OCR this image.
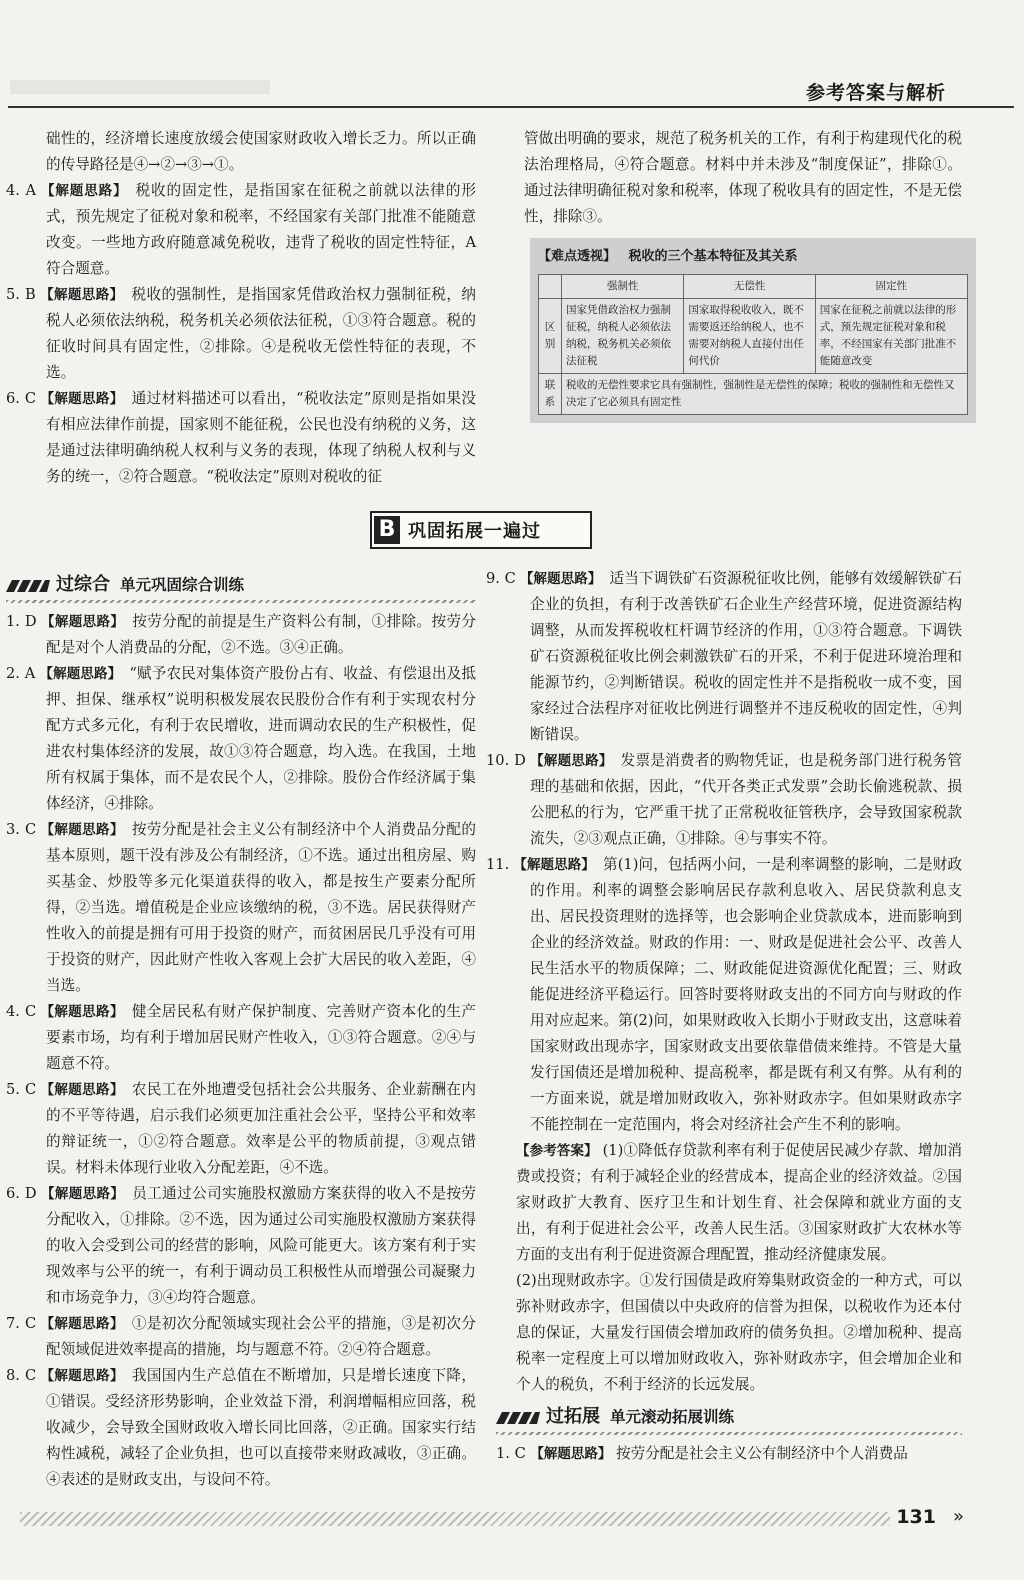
参考答案与解析

础性的，经济增长速度放缓会使国家财政收入增长乏力。所以正确的传导路径是④→②→③→①。

4. A 【解题思路】 税收的固定性，是指国家在征税之前就以法律的形式，预先规定了征税对象和税率，不经国家有关部门批准不能随意改变。一些地方政府随意减免税收，违背了税收的固定性特征，A 符合题意。

5. B 【解题思路】 税收的强制性，是指国家凭借政治权力强制征税，纳税人必须依法纳税，税务机关必须依法征税，①③符合题意。税的征收时间具有固定性，②排除。④是税收无偿性特征的表现，不选。

6. C 【解题思路】 通过材料描述可以看出，“税收法定”原则是指如果没有相应法律作前提，国家则不能征税，公民也没有纳税的义务，这是通过法律明确纳税人权利与义务的表现，体现了纳税人权利与义务的统一，②符合题意。“税收法定”原则对税收的征

管做出明确的要求，规范了税务机关的工作，有利于构建现代化的税法治理格局，④符合题意。材料中并未涉及“制度保证”，排除①。通过法律明确征税对象和税率，体现了税收具有的固定性，不是无偿性，排除③。

【难点透视】 税收的三个基本特征及其关系
	强制性	无偿性	固定性
区别	国家凭借政治权力强制征税，纳税人必须依法纳税，税务机关必须依法征税	国家取得税收收入，既不需要返还给纳税人，也不需要对纳税人直接付出任何代价	国家在征税之前就以法律的形式，预先规定征税对象和税率，不经国家有关部门批准不能随意改变
联系	税收的无偿性要求它具有强制性，强制性是无偿性的保障；税收的强制性和无偿性又决定了它必须具有固定性		
B 巩固拓展一遍过
过综合 单元巩固综合训练

1. D 【解题思路】 按劳分配的前提是生产资料公有制，①排除。按劳分配是对个人消费品的分配，②不选。③④正确。

2. A 【解题思路】 “赋予农民对集体资产股份占有、收益、有偿退出及抵押、担保、继承权”说明积极发展农民股份合作有利于实现农村分配方式多元化，有利于农民增收，进而调动农民的生产积极性，促进农村集体经济的发展，故①③符合题意，均入选。在我国，土地所有权属于集体，而不是农民个人，②排除。股份合作经济属于集体经济，④排除。

3. C 【解题思路】 按劳分配是社会主义公有制经济中个人消费品分配的基本原则，题干没有涉及公有制经济，①不选。通过出租房屋、购买基金、炒股等多元化渠道获得的收入，都是按生产要素分配所得，②当选。增值税是企业应该缴纳的税，③不选。居民获得财产性收入的前提是拥有可用于投资的财产，而贫困居民几乎没有可用于投资的财产，因此财产性收入客观上会扩大居民的收入差距，④当选。

4. C 【解题思路】 健全居民私有财产保护制度、完善财产资本化的生产要素市场，均有利于增加居民财产性收入，①③符合题意。②④与题意不符。

5. C 【解题思路】 农民工在外地遭受包括社会公共服务、企业薪酬在内的不平等待遇，启示我们必须更加注重社会公平，坚持公平和效率的辩证统一，①②符合题意。效率是公平的物质前提，③观点错误。材料未体现行业收入分配差距，④不选。

6. D 【解题思路】 员工通过公司实施股权激励方案获得的收入不是按劳分配收入，①排除。②不选，因为通过公司实施股权激励方案获得的收入会受到公司的经营的影响，风险可能更大。该方案有利于实现效率与公平的统一，有利于调动员工积极性从而增强公司凝聚力和市场竞争力，③④均符合题意。

7. C 【解题思路】 ①是初次分配领域实现社会公平的措施，③是初次分配领域促进效率提高的措施，均与题意不符。②④符合题意。

8. C 【解题思路】 我国国内生产总值在不断增加，只是增长速度下降，①错误。受经济形势影响，企业效益下滑，利润增幅相应回落，税收减少，会导致全国财政收入增长同比回落，②正确。国家实行结构性减税，减轻了企业负担，也可以直接带来财政减收，③正确。④表述的是财政支出，与设问不符。

9. C 【解题思路】 适当下调铁矿石资源税征收比例，能够有效缓解铁矿石企业的负担，有利于改善铁矿石企业生产经营环境，促进资源结构调整，从而发挥税收杠杆调节经济的作用，①③符合题意。下调铁矿石资源税征收比例会刺激铁矿石的开采，不利于促进环境治理和能源节约，②判断错误。税收的固定性并不是指税收一成不变，国家经过合法程序对征收比例进行调整并不违反税收的固定性，④判断错误。

10. D 【解题思路】 发票是消费者的购物凭证，也是税务部门进行税务管理的基础和依据，因此，“代开各类正式发票”会助长偷逃税款、损公肥私的行为，它严重干扰了正常税收征管秩序，会导致国家税款流失，②③观点正确，①排除。④与事实不符。

11. 【解题思路】 第(1)问，包括两小问，一是利率调整的影响，二是财政的作用。利率的调整会影响居民存款利息收入、居民贷款利息支出、居民投资理财的选择等，也会影响企业贷款成本，进而影响到企业的经济效益。财政的作用：一、财政是促进社会公平、改善人民生活水平的物质保障；二、财政能促进资源优化配置；三、财政能促进经济平稳运行。回答时要将财政支出的不同方向与财政的作用对应起来。第(2)问，如果财政收入长期小于财政支出，这意味着国家财政出现赤字，国家财政支出要依靠借债来维持。不管是大量发行国债还是增加税种、提高税率，都是既有利又有弊。从有利的一方面来说，就是增加财政收入，弥补财政赤字。但如果财政赤字不能控制在一定范围内，将会对经济社会产生不利的影响。

【参考答案】 (1)①降低存贷款利率有利于促使居民减少存款、增加消费或投资；有利于减轻企业的经营成本，提高企业的经济效益。②国家财政扩大教育、医疗卫生和计划生育、社会保障和就业方面的支出，有利于促进社会公平，改善人民生活。③国家财政扩大农林水等方面的支出有利于促进资源合理配置，推动经济健康发展。

(2)出现财政赤字。①发行国债是政府筹集财政资金的一种方式，可以弥补财政赤字，但国债以中央政府的信誉为担保，以税收作为还本付息的保证，大量发行国债会增加政府的债务负担。②增加税种、提高税率一定程度上可以增加财政收入，弥补财政赤字，但会增加企业和个人的税负，不利于经济的长远发展。

过拓展 单元滚动拓展训练

1. C 【解题思路】 按劳分配是社会主义公有制经济中个人消费品

131 »
